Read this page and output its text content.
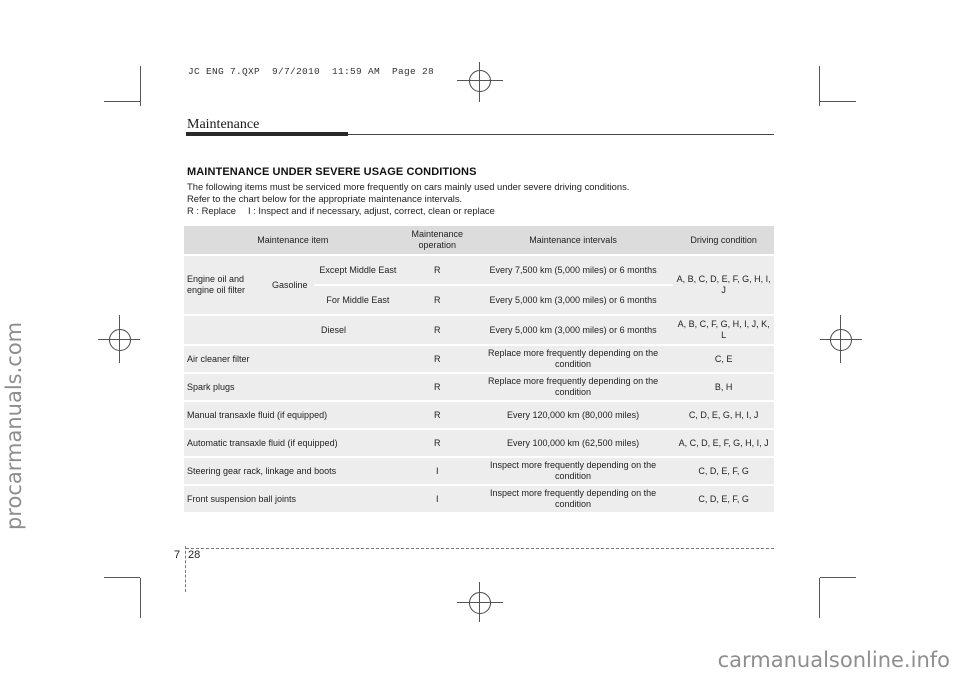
JC ENG 7.QXP  9/7/2010  11:59 AM  Page 28
procarmanuals.com
carmanualsonline.info
Maintenance
MAINTENANCE UNDER SEVERE USAGE CONDITIONS

The following items must be serviced more frequently on cars mainly used under severe driving conditions.

Refer to the chart below for the appropriate maintenance intervals.

R : Replace I : Inspect and if necessary, adjust, correct, clean or replace

Maintenance item			Maintenance operation	Maintenance intervals	Driving condition
Engine oil and engine oil filter	Gasoline	Except Middle East	R	Every 7,500 km (5,000 miles) or 6 months	A, B, C, D, E, F, G, H, I, J
		For Middle East	R	Every 5,000 km (3,000 miles) or 6 months	
	Diesel		R	Every 5,000 km (3,000 miles) or 6 months	A, B, C, F, G, H, I, J, K, L
Air cleaner filter			R	Replace more frequently depending on the condition	C, E
Spark plugs			R	Replace more frequently depending on the condition	B, H
Manual transaxle fluid (if equipped)			R	Every 120,000 km (80,000 miles)	C, D, E, G, H, I, J
Automatic transaxle fluid (if equipped)			R	Every 100,000 km (62,500 miles)	A, C, D, E, F, G, H, I, J
Steering gear rack, linkage and boots			I	Inspect more frequently depending on the condition	C, D, E, F, G
Front suspension ball joints			I	Inspect more frequently depending on the condition	C, D, E, F, G
7 28
